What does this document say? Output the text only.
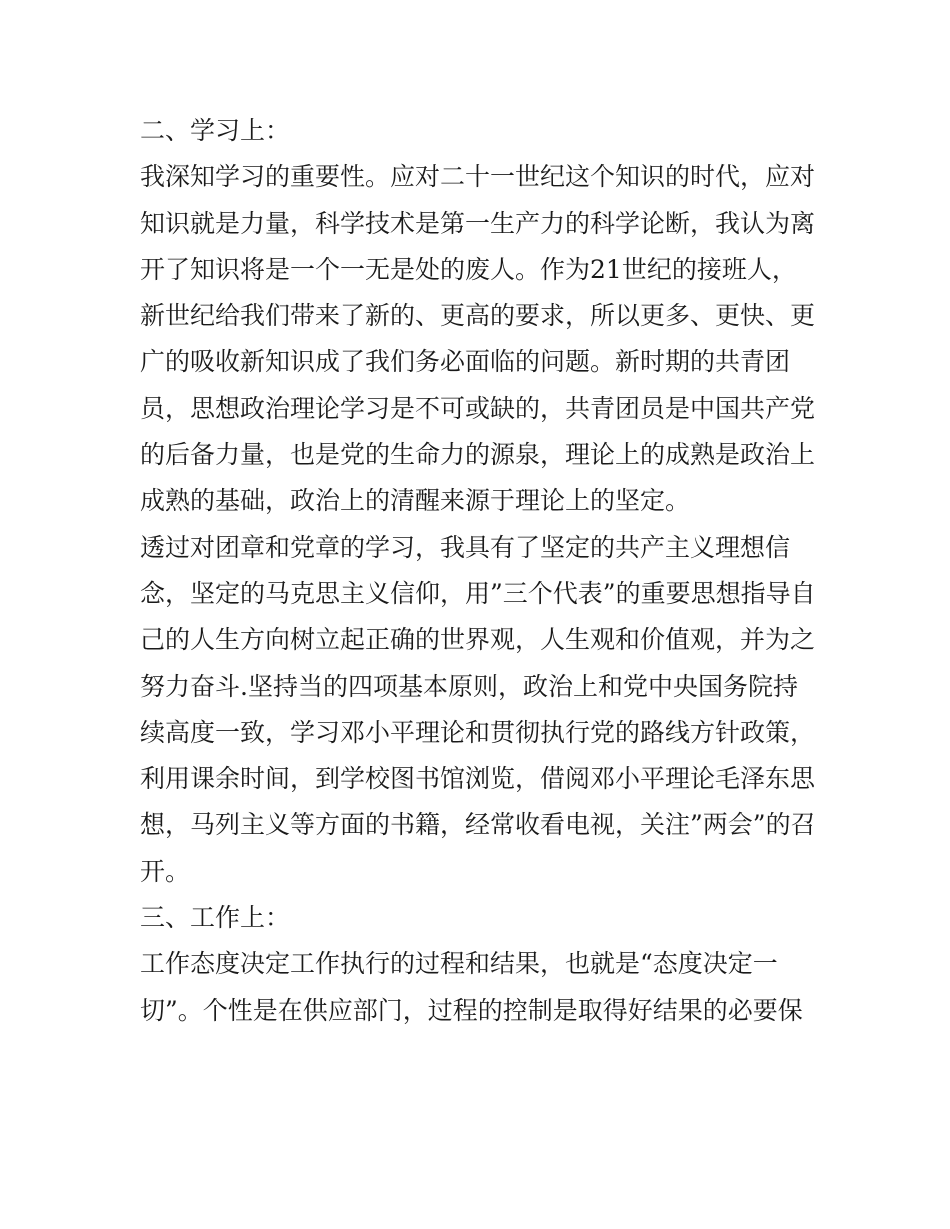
二、学习上：
我深知学习的重要性。应对二十一世纪这个知识的时代，应对
知识就是力量，科学技术是第一生产力的科学论断，我认为离
开了知识将是一个一无是处的废人。作为21世纪的接班人，
新世纪给我们带来了新的、更高的要求，所以更多、更快、更
广的吸收新知识成了我们务必面临的问题。新时期的共青团
员，思想政治理论学习是不可或缺的，共青团员是中国共产党
的后备力量，也是党的生命力的源泉，理论上的成熟是政治上
成熟的基础，政治上的清醒来源于理论上的坚定。
透过对团章和党章的学习，我具有了坚定的共产主义理想信
念，坚定的马克思主义信仰，用”三个代表”的重要思想指导自
己的人生方向树立起正确的世界观，人生观和价值观，并为之
努力奋斗.坚持当的四项基本原则，政治上和党中央国务院持
续高度一致，学习邓小平理论和贯彻执行党的路线方针政策，
利用课余时间，到学校图书馆浏览，借阅邓小平理论毛泽东思
想，马列主义等方面的书籍，经常收看电视，关注”两会”的召
开。
三、工作上：
工作态度决定工作执行的过程和结果，也就是“态度决定一
切”。个性是在供应部门，过程的控制是取得好结果的必要保
